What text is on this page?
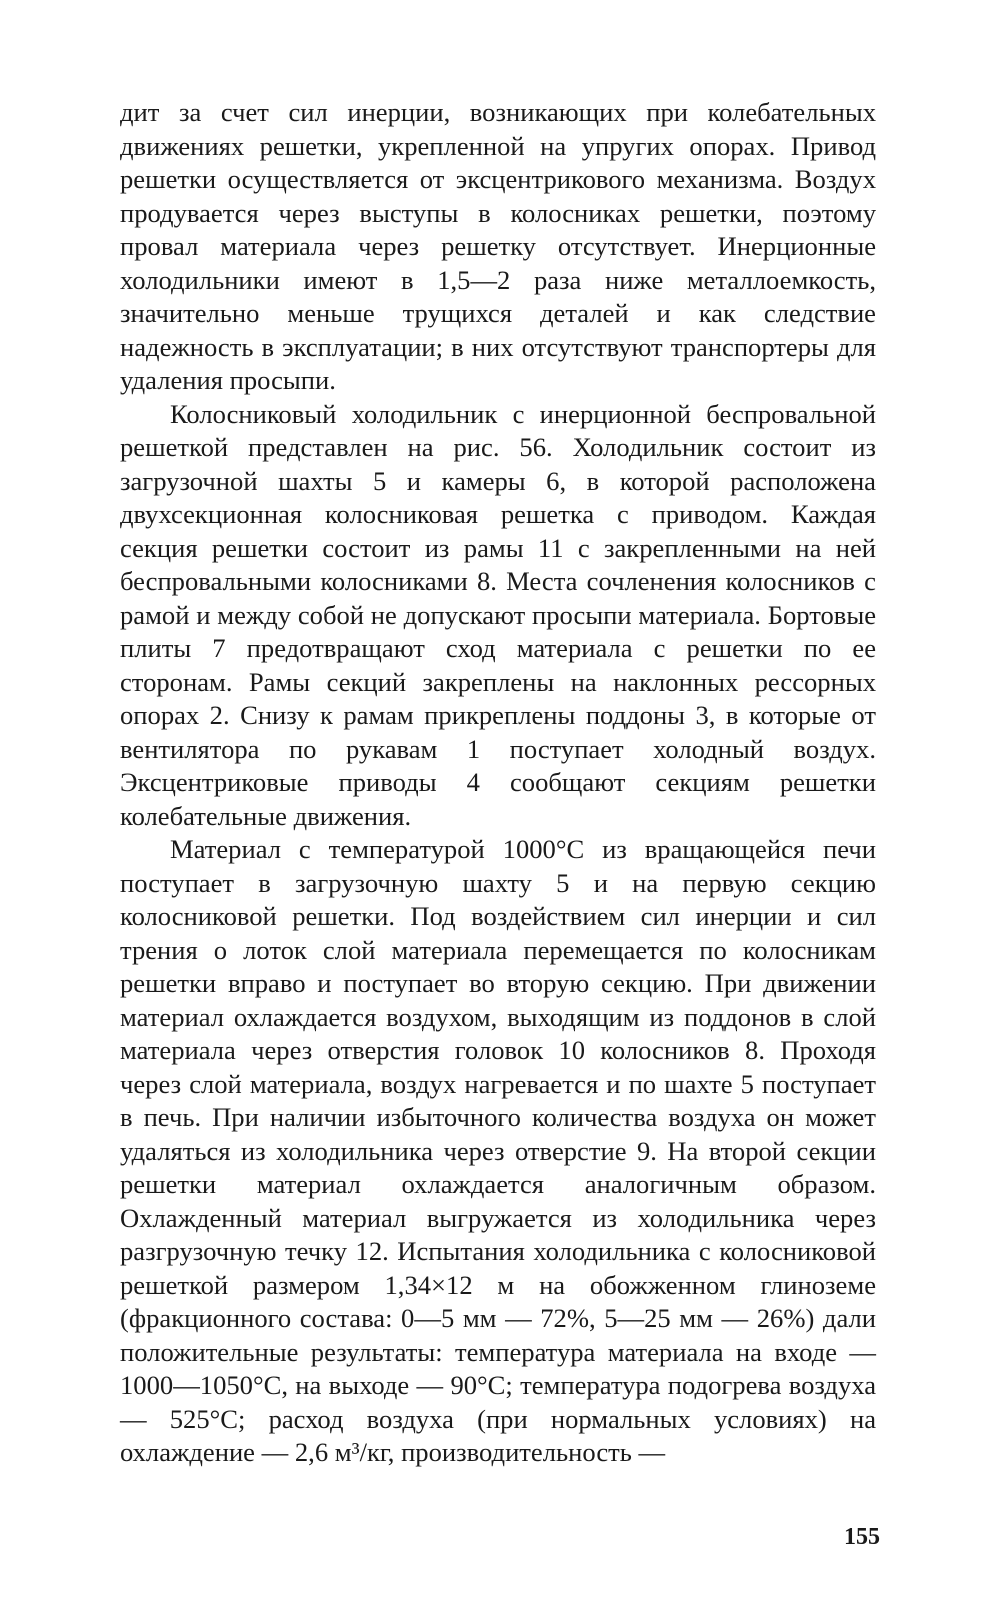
дит за счет сил инерции, возникающих при колебательных движениях решетки, укрепленной на упругих опорах. Привод решетки осуществляется от эксцентрикового механизма. Воздух продувается через выступы в колосниках решетки, поэтому провал материала через решетку отсутствует. Инерционные холодильники имеют в 1,5—2 раза ниже металлоемкость, значительно меньше трущихся деталей и как следствие надежность в эксплуатации; в них отсутствуют транспортеры для удаления просыпи.

Колосниковый холодильник с инерционной беспровальной решеткой представлен на рис. 56. Холодильник состоит из загрузочной шахты 5 и камеры 6, в которой расположена двухсекционная колосниковая решетка с приводом. Каждая секция решетки состоит из рамы 11 с закрепленными на ней беспровальными колосниками 8. Места сочленения колосников с рамой и между собой не допускают просыпи материала. Бортовые плиты 7 предотвращают сход материала с решетки по ее сторонам. Рамы секций закреплены на наклонных рессорных опорах 2. Снизу к рамам прикреплены поддоны 3, в которые от вентилятора по рукавам 1 поступает холодный воздух. Эксцентриковые приводы 4 сообщают секциям решетки колебательные движения.

Материал с температурой 1000°С из вращающейся печи поступает в загрузочную шахту 5 и на первую секцию колосниковой решетки. Под воздействием сил инерции и сил трения о лоток слой материала перемещается по колосникам решетки вправо и поступает во вторую секцию. При движении материал охлаждается воздухом, выходящим из поддонов в слой материала через отверстия головок 10 колосников 8. Проходя через слой материала, воздух нагревается и по шахте 5 поступает в печь. При наличии избыточного количества воздуха он может удаляться из холодильника через отверстие 9. На второй секции решетки материал охлаждается аналогичным образом. Охлажденный материал выгружается из холодильника через разгрузочную течку 12. Испытания холодильника с колосниковой решеткой размером 1,34×12 м на обожженном глиноземе (фракционного состава: 0—5 мм — 72%, 5—25 мм — 26%) дали положительные результаты: температура материала на входе — 1000—1050°С, на выходе — 90°С; температура подогрева воздуха — 525°С; расход воздуха (при нормальных условиях) на охлаждение — 2,6 м³/кг, производительность —

155
